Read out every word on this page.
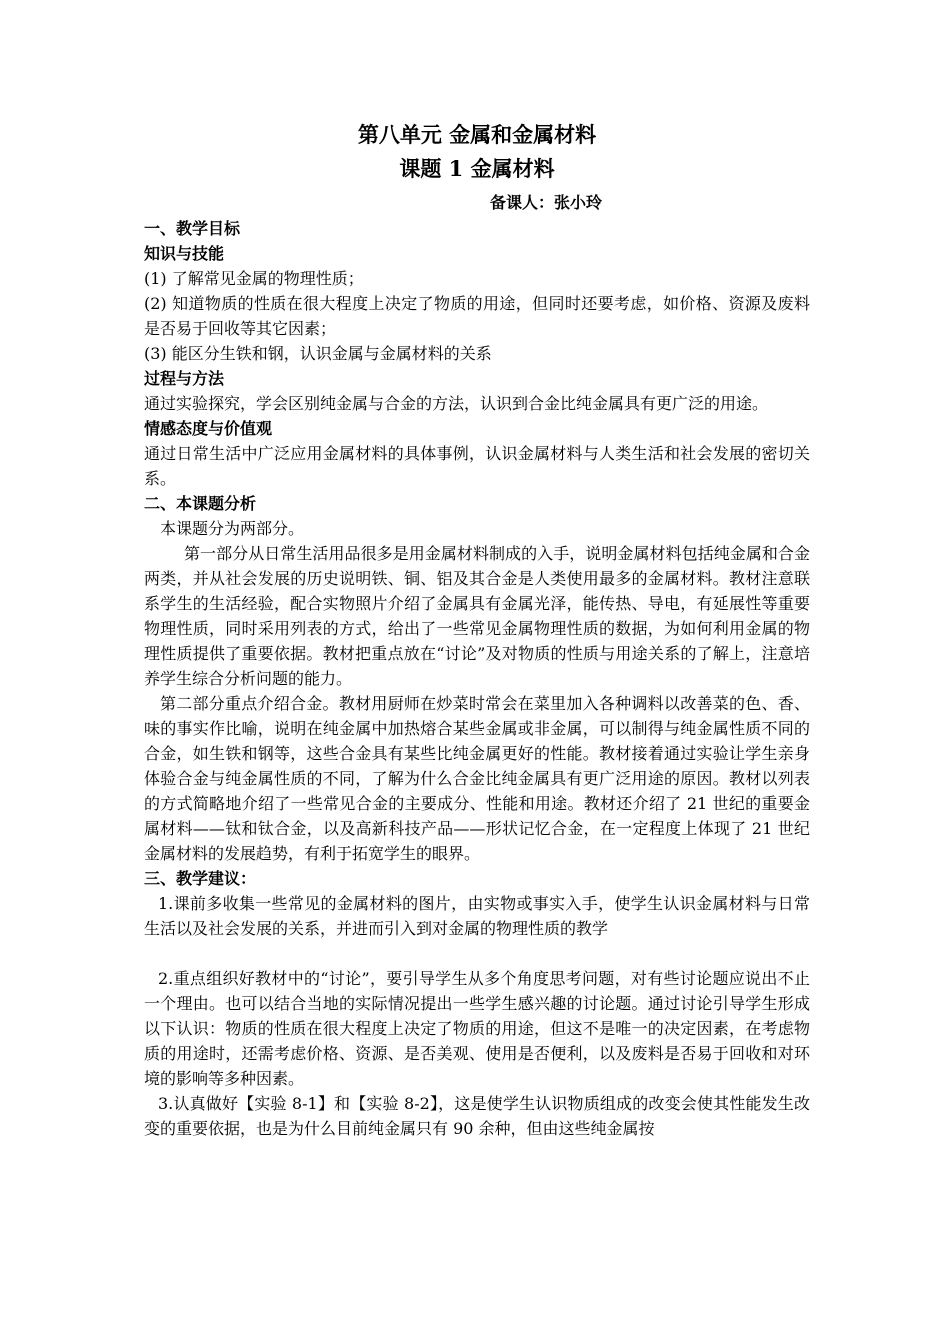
第八单元 金属和金属材料
课题 1 金属材料
备课人：张小玲
一、教学目标
知识与技能

(1) 了解常见金属的物理性质；

(2) 知道物质的性质在很大程度上决定了物质的用途，但同时还要考虑，如价格、资源及废料是否易于回收等其它因素；

(3) 能区分生铁和钢，认识金属与金属材料的关系

过程与方法

通过实验探究，学会区别纯金属与合金的方法，认识到合金比纯金属具有更广泛的用途。

情感态度与价值观

通过日常生活中广泛应用金属材料的具体事例，认识金属材料与人类生活和社会发展的密切关系。

二、本课题分析

本课题分为两部分。

第一部分从日常生活用品很多是用金属材料制成的入手，说明金属材料包括纯金属和合金两类，并从社会发展的历史说明铁、铜、铝及其合金是人类使用最多的金属材料。教材注意联系学生的生活经验，配合实物照片介绍了金属具有金属光泽，能传热、导电，有延展性等重要物理性质，同时采用列表的方式，给出了一些常见金属物理性质的数据，为如何利用金属的物理性质提供了重要依据。教材把重点放在“讨论”及对物质的性质与用途关系的了解上，注意培养学生综合分析问题的能力。

第二部分重点介绍合金。教材用厨师在炒菜时常会在菜里加入各种调料以改善菜的色、香、味的事实作比喻，说明在纯金属中加热熔合某些金属或非金属，可以制得与纯金属性质不同的合金，如生铁和钢等，这些合金具有某些比纯金属更好的性能。教材接着通过实验让学生亲身体验合金与纯金属性质的不同，了解为什么合金比纯金属具有更广泛用途的原因。教材以列表的方式简略地介绍了一些常见合金的主要成分、性能和用途。教材还介绍了 21 世纪的重要金属材料——钛和钛合金，以及高新科技产品——形状记忆合金，在一定程度上体现了 21 世纪金属材料的发展趋势，有利于拓宽学生的眼界。

三、教学建议：

1.课前多收集一些常见的金属材料的图片，由实物或事实入手，使学生认识金属材料与日常生活以及社会发展的关系，并进而引入到对金属的物理性质的教学

2.重点组织好教材中的“讨论”，要引导学生从多个角度思考问题，对有些讨论题应说出不止一个理由。也可以结合当地的实际情况提出一些学生感兴趣的讨论题。通过讨论引导学生形成以下认识：物质的性质在很大程度上决定了物质的用途，但这不是唯一的决定因素，在考虑物质的用途时，还需考虑价格、资源、是否美观、使用是否便利，以及废料是否易于回收和对环境的影响等多种因素。

3.认真做好【实验 8-1】和【实验 8-2】，这是使学生认识物质组成的改变会使其性能发生改变的重要依据，也是为什么目前纯金属只有 90 余种，但由这些纯金属按
